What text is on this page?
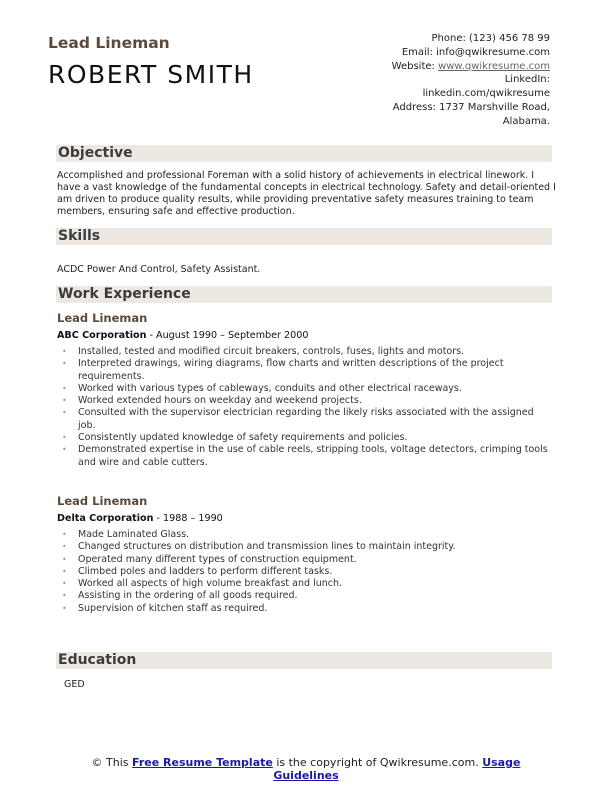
Lead Lineman
ROBERT SMITH
Phone: (123) 456 78 99
Email: info@qwikresume.com
Website: www.qwikresume.com
LinkedIn:
linkedin.com/qwikresume
Address: 1737 Marshville Road,
Alabama.
Objective
Accomplished and professional Foreman with a solid history of achievements in electrical linework. I have a vast knowledge of the fundamental concepts in electrical technology. Safety and detail-oriented I am driven to produce quality results, while providing preventative safety measures training to team members, ensuring safe and effective production.
Skills
ACDC Power And Control, Safety Assistant.
Work Experience
Lead Lineman
ABC Corporation - August 1990 – September 2000
• Installed, tested and modified circuit breakers, controls, fuses, lights and motors.
• Interpreted drawings, wiring diagrams, flow charts and written descriptions of the project requirements.
• Worked with various types of cableways, conduits and other electrical raceways.
• Worked extended hours on weekday and weekend projects.
• Consulted with the supervisor electrician regarding the likely risks associated with the assigned job.
• Consistently updated knowledge of safety requirements and policies.
• Demonstrated expertise in the use of cable reels, stripping tools, voltage detectors, crimping tools and wire and cable cutters.
Lead Lineman
Delta Corporation - 1988 – 1990
• Made Laminated Glass.
• Changed structures on distribution and transmission lines to maintain integrity.
• Operated many different types of construction equipment.
• Climbed poles and ladders to perform different tasks.
• Worked all aspects of high volume breakfast and lunch.
• Assisting in the ordering of all goods required.
• Supervision of kitchen staff as required.
Education
GED
© This Free Resume Template is the copyright of Qwikresume.com. Usage Guidelines
